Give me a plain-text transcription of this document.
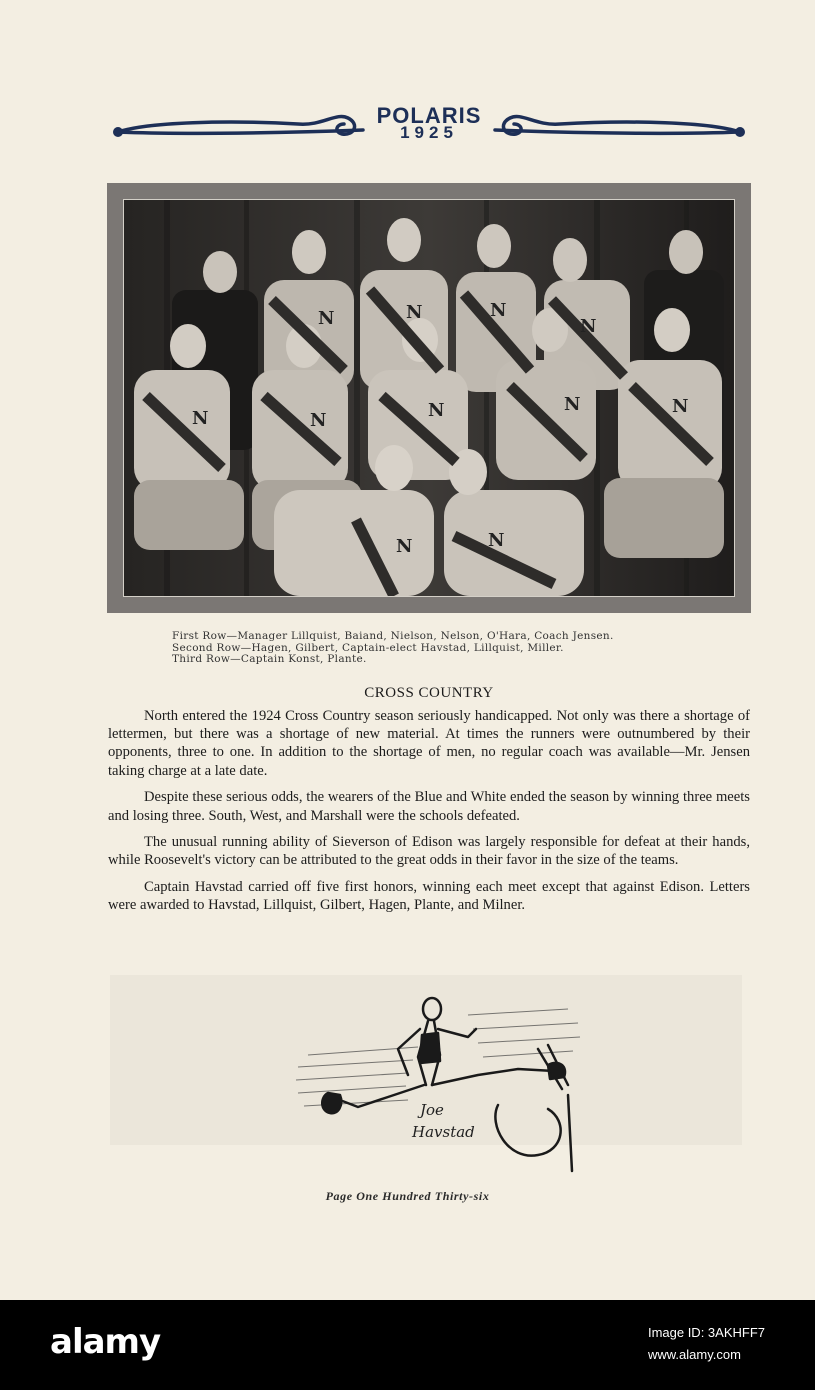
POLARIS
1925
N	N	N
N
N	N	N	N	N
N	N
First Row—Manager Lillquist, Baiand, Nielson, Nelson, O'Hara, Coach Jensen.
Second Row—Hagen, Gilbert, Captain-elect Havstad, Lillquist, Miller.
Third Row—Captain Konst, Plante.
CROSS COUNTRY

North entered the 1924 Cross Country season seriously handicapped. Not only was there a shortage of lettermen, but there was a shortage of new material. At times the runners were outnumbered by their opponents, three to one. In addition to the shortage of men, no regular coach was available—Mr. Jensen taking charge at a late date.

Despite these serious odds, the wearers of the Blue and White ended the season by winning three meets and losing three. South, West, and Marshall were the schools defeated.

The unusual running ability of Sieverson of Edison was largely responsible for defeat at their hands, while Roosevelt's victory can be attributed to the great odds in their favor in the size of the teams.

Captain Havstad carried off five first honors, winning each meet except that against Edison. Letters were awarded to Havstad, Lillquist, Gilbert, Hagen, Plante, and Milner.

Joe
Havstad
Page One Hundred Thirty-six
alamy	Image ID: 3AKHFF7
www.alamy.com
